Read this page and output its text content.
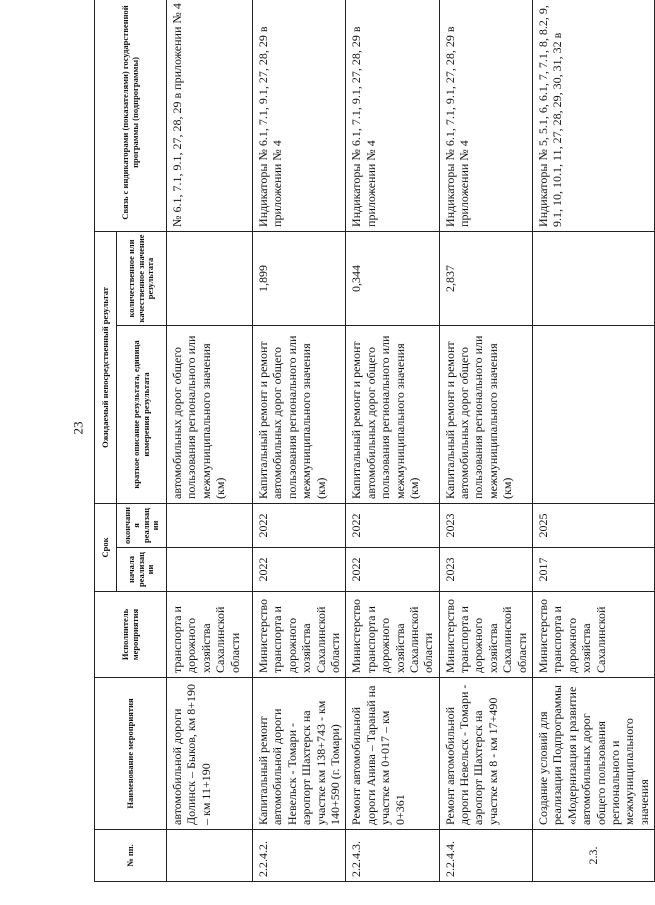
23
№ пп.	Наименование мероприятия	Исполнитель мероприятия	Срок		Ожидаемый непосредственный результат		Связь с индикаторами (показателями) государственной программы (подпрограммы)
			начала реализации	окончания реализации	краткое описание результата, единица измерения результата	количественное или качественное значение результата	
	автомобильной дороги Долинск – Быков, км 8+190 – км 11+190	транспорта и дорожного хозяйства Сахалинской области			автомобильных дорог общего пользования регионального или межмуниципального значения (км)		№ 6.1, 7.1, 9.1, 27, 28, 29 в приложении № 4
2.2.4.2.	Капитальный ремонт автомобильной дороги Невельск - Томари - аэропорт Шахтерск на участке км 138+743 - км 140+590 (г. Томари)	Министерство транспорта и дорожного хозяйства Сахалинской области	2022	2022	Капитальный ремонт и ремонт автомобильных дорог общего пользования регионального или межмуниципального значения (км)	1,899	Индикаторы № 6.1, 7.1, 9.1, 27, 28, 29 в приложении № 4
2.2.4.3.	Ремонт автомобильной дороги Анива – Таранай на участке км 0+017 – км 0+361	Министерство транспорта и дорожного хозяйства Сахалинской области	2022	2022	Капитальный ремонт и ремонт автомобильных дорог общего пользования регионального или межмуниципального значения (км)	0,344	Индикаторы № 6.1, 7.1, 9.1, 27, 28, 29 в приложении № 4
2.2.4.4.	Ремонт автомобильной дороги Невельск - Томари - аэропорт Шахтерск на участке км 8 - км 17+490	Министерство транспорта и дорожного хозяйства Сахалинской области	2023	2023	Капитальный ремонт и ремонт автомобильных дорог общего пользования регионального или межмуниципального значения (км)	2,837	Индикаторы № 6.1, 7.1, 9.1, 27, 28, 29 в приложении № 4
2.3.	Создание условий для реализации Подпрограммы «Модернизация и развитие автомобильных дорог общего пользования регионального и межмуниципального значения	Министерство транспорта и дорожного хозяйства Сахалинской	2017	2025			Индикаторы № 5, 5.1, 6, 6.1, 7, 7.1, 8, 8.2, 9, 9.1, 10, 10.1, 11, 27, 28, 29, 30, 31, 32 в
